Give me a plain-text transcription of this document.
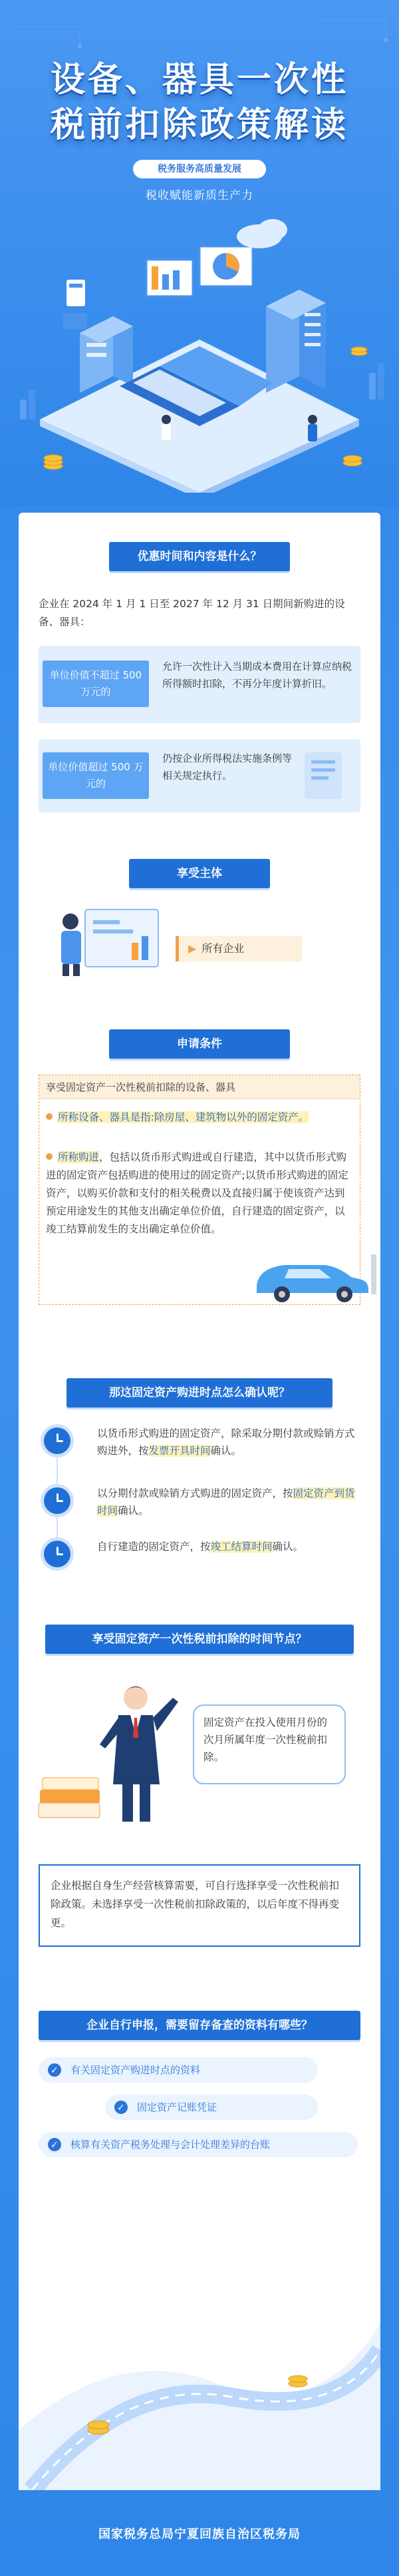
设备、器具一次性
税前扣除政策解读
税务服务高质量发展
税收赋能新质生产力
优惠时间和内容是什么？
企业在 2024 年 1 月 1 日至 2027 年 12 月 31 日期间新购进的设备、器具：
单位价值不超过 500 万元的
允许一次性计入当期成本费用在计算应纳税所得额时扣除，不再分年度计算折旧。
单位价值超过 500 万元的
仍按企业所得税法实施条例等相关规定执行。
享受主体
▶ 所有企业
申请条件
享受固定资产一次性税前扣除的设备、器具
所称设备、器具是指:除房屋、建筑物以外的固定资产。
所称购进，包括以货币形式购进或自行建造，其中以货币形式购进的固定资产包括购进的使用过的固定资产;以货币形式购进的固定资产，以购买价款和支付的相关税费以及直接归属于使该资产达到预定用途发生的其他支出确定单位价值，自行建造的固定资产，以竣工结算前发生的支出确定单位价值。
那这固定资产购进时点怎么确认呢？
以货币形式购进的固定资产，除采取分期付款或赊销方式购进外，按发票开具时间确认。
以分期付款或赊销方式购进的固定资产，按固定资产到货时间确认。
自行建造的固定资产，按竣工结算时间确认。
享受固定资产一次性税前扣除的时间节点？
固定资产在投入使用月份的次月所属年度一次性税前扣除。
企业根据自身生产经营核算需要，可自行选择享受一次性税前扣除政策。未选择享受一次性税前扣除政策的，以后年度不得再变更。
企业自行申报，需要留存备查的资料有哪些？
✓
有关固定资产购进时点的资料
✓
固定资产记账凭证
✓
核算有关资产税务处理与会计处理差异的台账
国家税务总局宁夏回族自治区税务局
